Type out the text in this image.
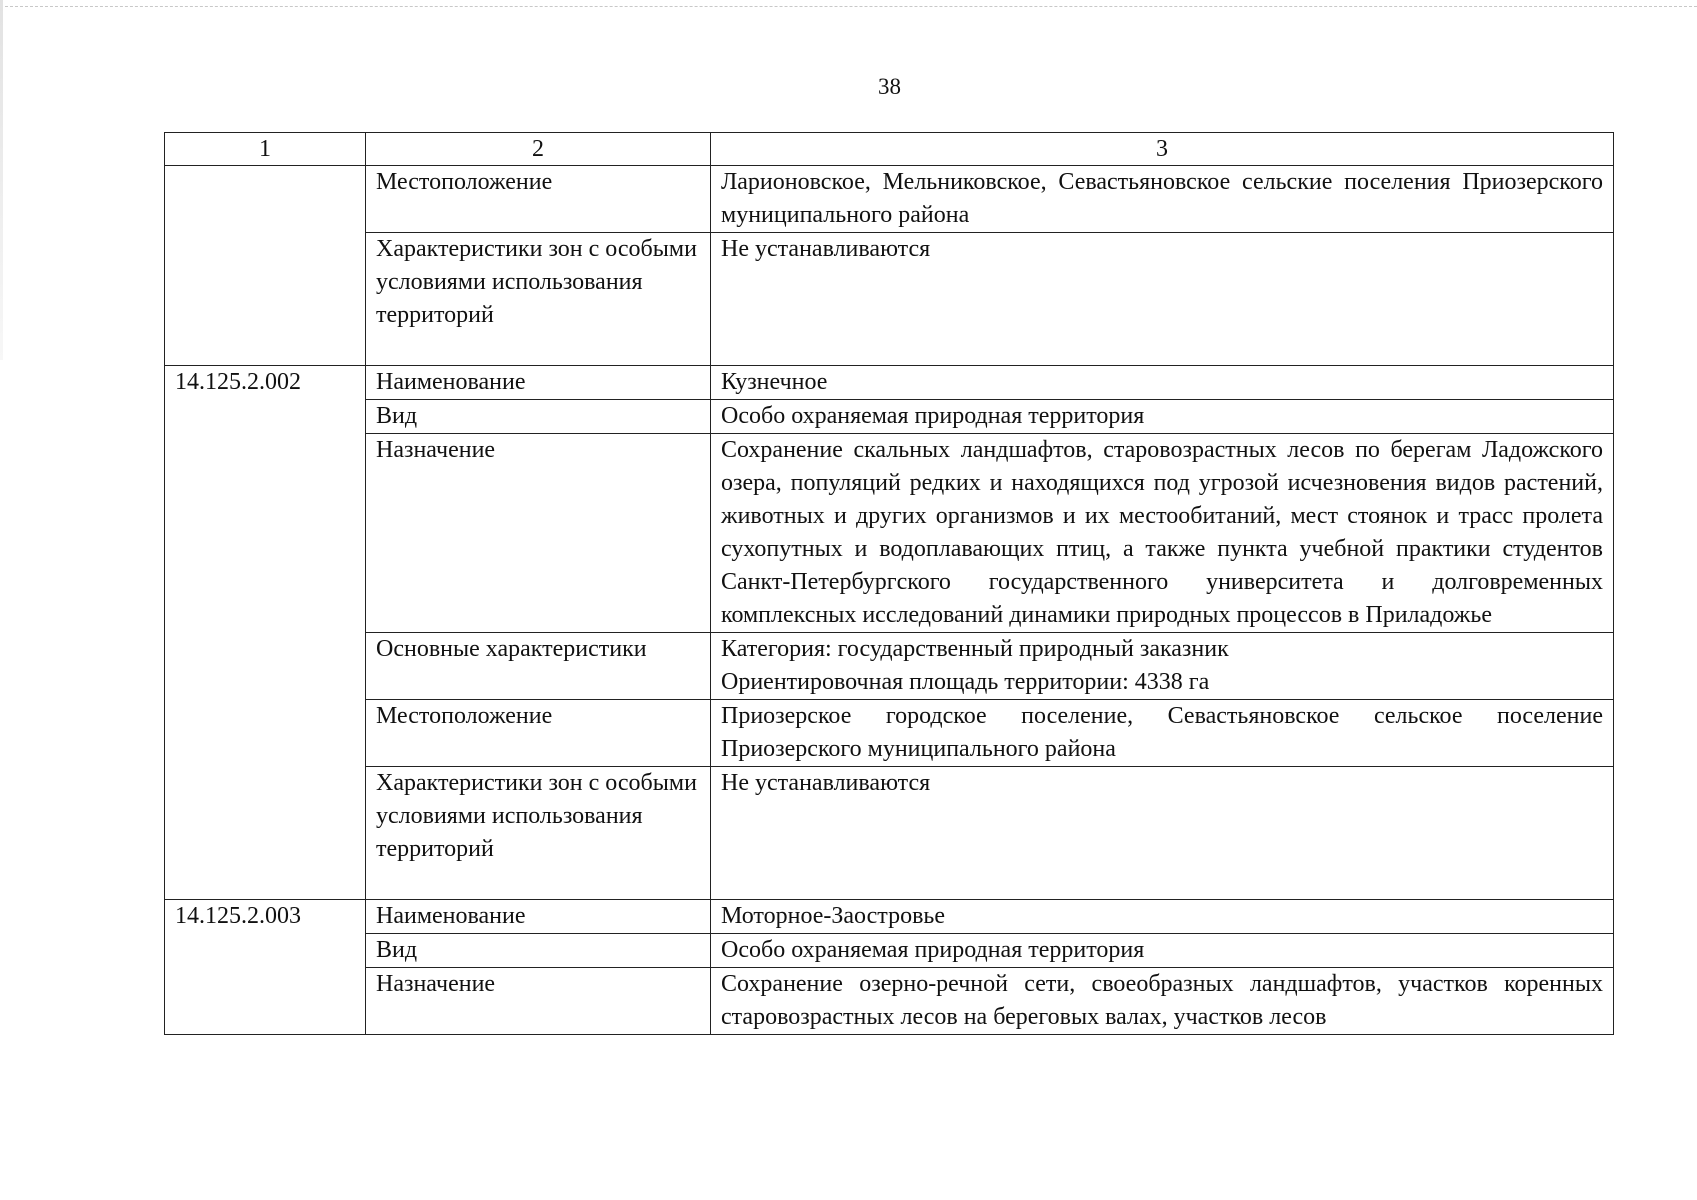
38
1	2	3
	Местоположение	Ларионовское, Мельниковское, Севастьяновское сельские поселения Приозерского муниципального района
	Характеристики зон с особыми условиями использования территорий	Не устанавливаются
14.125.2.002	Наименование	Кузнечное
	Вид	Особо охраняемая природная территория
	Назначение	Сохранение скальных ландшафтов, старовозрастных лесов по берегам Ладожского озера, популяций редких и находящихся под угрозой исчезновения видов растений, животных и других организмов и их местообитаний, мест стоянок и трасс пролета сухопутных и водоплавающих птиц, а также пункта учебной практики студентов Санкт-Петербургского государственного университета и долговременных комплексных исследований динамики природных процессов в Приладожье
	Основные характеристики	Категория: государственный природный заказник
Ориентировочная площадь территории: 4338 га

	Местоположение	Приозерское городское поселение, Севастьяновское сельское поселение Приозерского муниципального района
	Характеристики зон с особыми условиями использования территорий	Не устанавливаются
14.125.2.003	Наименование	Моторное-Заостровье
	Вид	Особо охраняемая природная территория
	Назначение	Сохранение озерно-речной сети, своеобразных ландшафтов, участков коренных старовозрастных лесов на береговых валах, участков лесов
